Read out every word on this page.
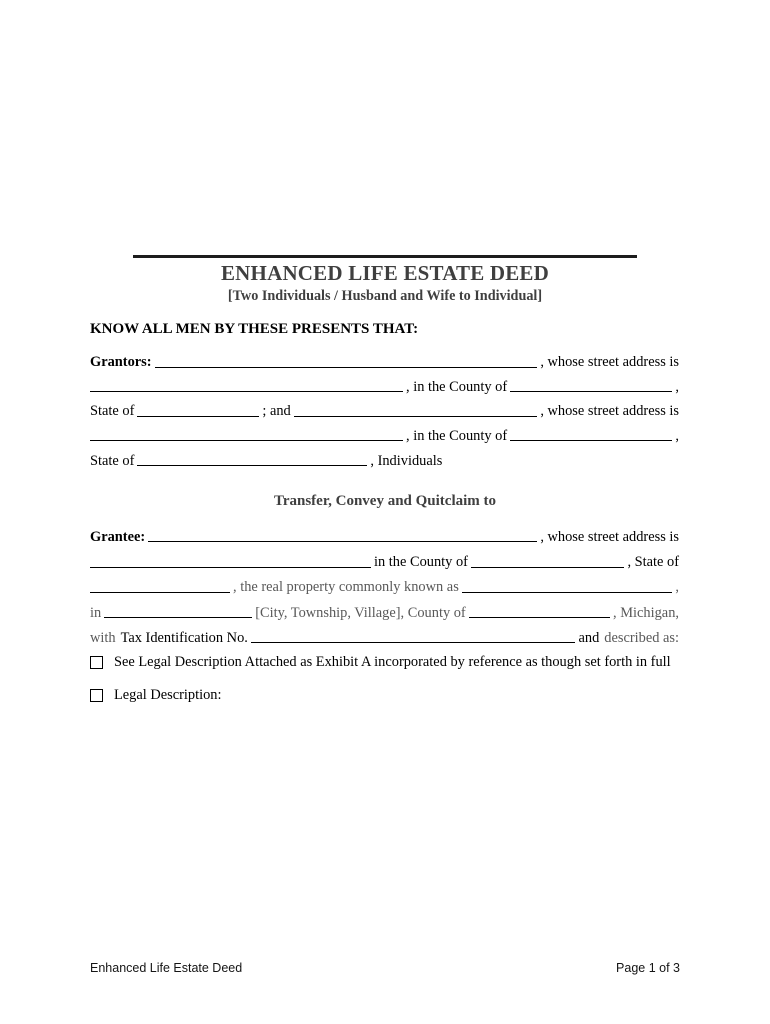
ENHANCED LIFE ESTATE DEED
[Two Individuals / Husband and Wife to Individual]
KNOW ALL MEN BY THESE PRESENTS THAT:
Grantors:	, whose street address is
, in the County of	,
State of	; and	, whose street address is
, in the County of	,
State of	, Individuals
Transfer, Convey and Quitclaim to
Grantee:	, whose street address is
in the County of	, State of
, the real property commonly known as	,
in	[City, Township, Village], County of	, Michigan,
with Tax Identification No.	and described as:
See Legal Description Attached as Exhibit A incorporated by reference as though set forth in full
Legal Description:
Enhanced Life Estate Deed	Page 1 of 3
